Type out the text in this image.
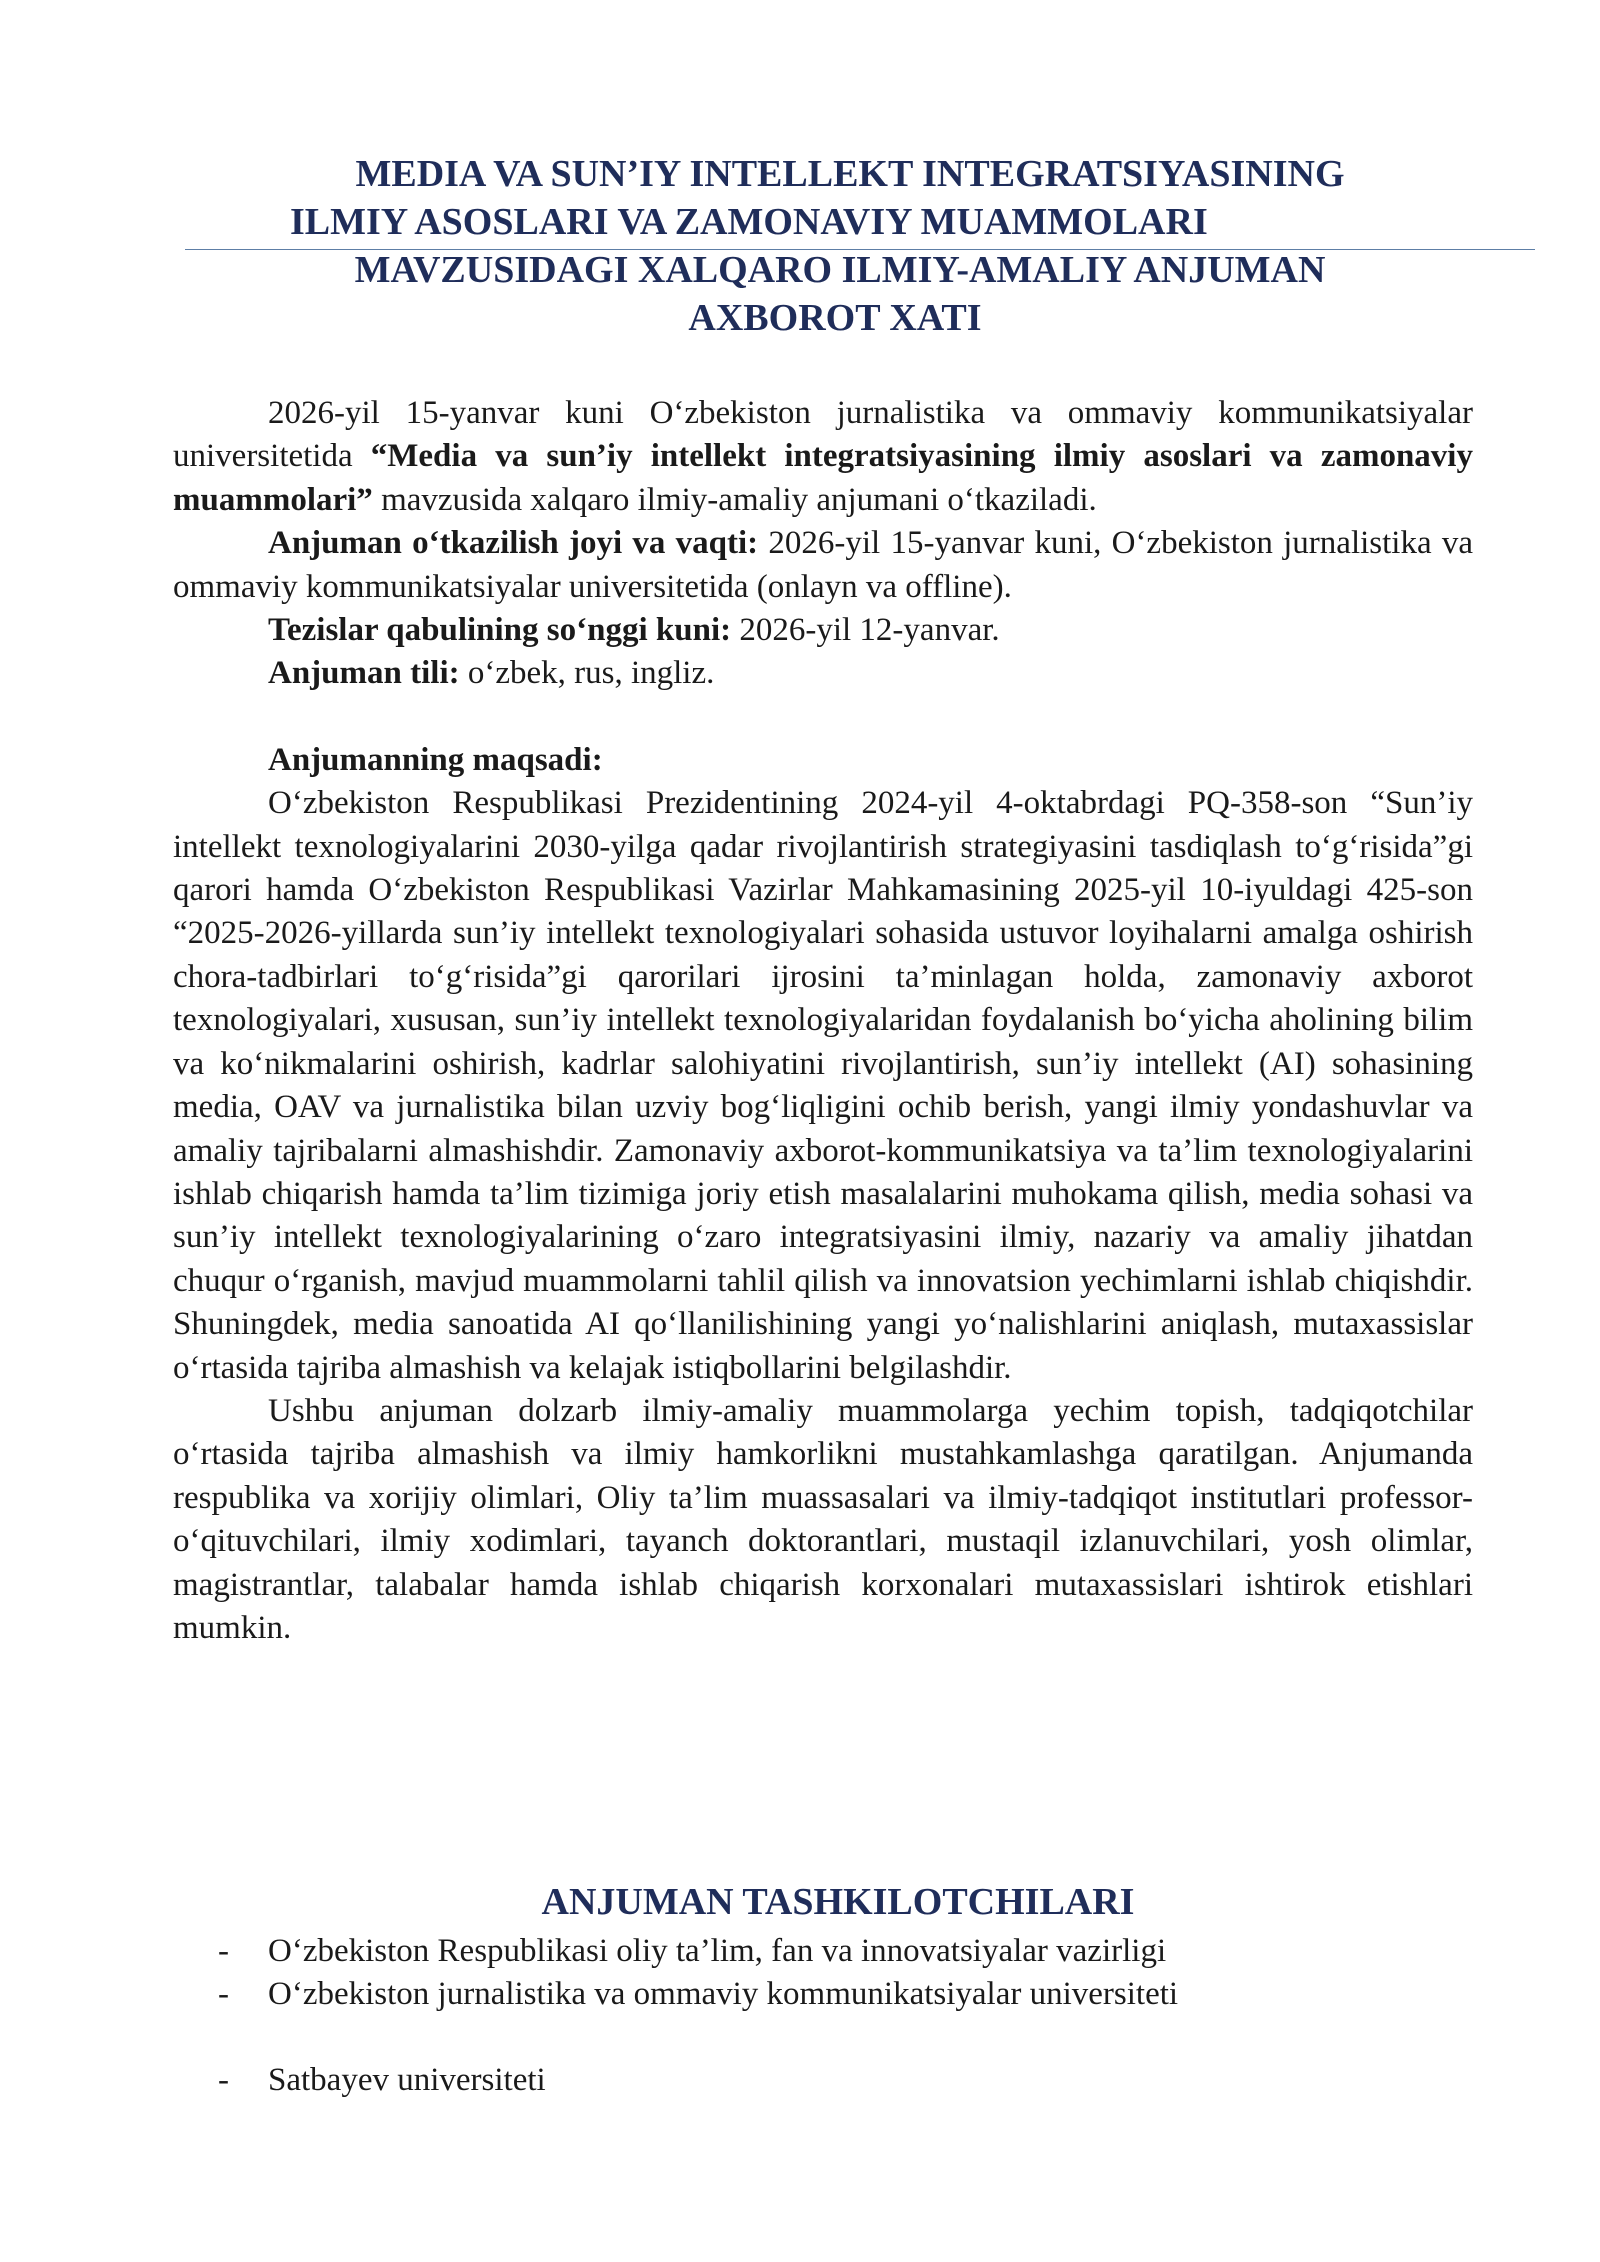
MEDIA VA SUN’IY INTELLEKT INTEGRATSIYASINING
ILMIY ASOSLARI VA ZAMONAVIY MUAMMOLARI
MAVZUSIDAGI XALQARO ILMIY-AMALIY ANJUMAN
AXBOROT XATI

2026-yil 15-yanvar kuni O‘zbekiston jurnalistika va ommaviy kommunikatsiyalar universitetida “Media va sun’iy intellekt integratsiyasining ilmiy asoslari va zamonaviy muammolari” mavzusida xalqaro ilmiy-amaliy anjumani o‘tkaziladi.

Anjuman o‘tkazilish joyi va vaqti: 2026-yil 15-yanvar kuni, O‘zbekiston jurnalistika va ommaviy kommunikatsiyalar universitetida (onlayn va offline).

Tezislar qabulining so‘nggi kuni: 2026-yil 12-yanvar.

Anjuman tili: o‘zbek, rus, ingliz.

Anjumanning maqsadi:

O‘zbekiston Respublikasi Prezidentining 2024-yil 4-oktabrdagi PQ-358-son “Sun’iy intellekt texnologiyalarini 2030-yilga qadar rivojlantirish strategiyasini tasdiqlash to‘g‘risida”gi qarori hamda O‘zbekiston Respublikasi Vazirlar Mahkamasining 2025-yil 10-iyuldagi 425-son “2025-2026-yillarda sun’iy intellekt texnologiyalari sohasida ustuvor loyihalarni amalga oshirish chora-tadbirlari to‘g‘risida”gi qarorilari ijrosini ta’minlagan holda, zamonaviy axborot texnologiyalari, xususan, sun’iy intellekt texnologiyalaridan foydalanish bo‘yicha aholining bilim va ko‘nikmalarini oshirish, kadrlar salohiyatini rivojlantirish, sun’iy intellekt (AI) sohasining media, OAV va jurnalistika bilan uzviy bog‘liqligini ochib berish, yangi ilmiy yondashuvlar va amaliy tajribalarni almashishdir. Zamonaviy axborot-kommunikatsiya va ta’lim texnologiyalarini ishlab chiqarish hamda ta’lim tizimiga joriy etish masalalarini muhokama qilish, media sohasi va sun’iy intellekt texnologiyalarining o‘zaro integratsiyasini ilmiy, nazariy va amaliy jihatdan chuqur o‘rganish, mavjud muammolarni tahlil qilish va innovatsion yechimlarni ishlab chiqishdir. Shuningdek, media sanoatida AI qo‘llanilishining yangi yo‘nalishlarini aniqlash, mutaxassislar o‘rtasida tajriba almashish va kelajak istiqbollarini belgilashdir.

Ushbu anjuman dolzarb ilmiy-amaliy muammolarga yechim topish, tadqiqotchilar o‘rtasida tajriba almashish va ilmiy hamkorlikni mustahkamlashga qaratilgan. Anjumanda respublika va xorijiy olimlari, Oliy ta’lim muassasalari va ilmiy-tadqiqot institutlari professor-o‘qituvchilari, ilmiy xodimlari, tayanch doktorantlari, mustaqil izlanuvchilari, yosh olimlar, magistrantlar, talabalar hamda ishlab chiqarish korxonalari mutaxassislari ishtirok etishlari mumkin.

ANJUMAN TASHKILOTCHILARI
- O‘zbekiston Respublikasi oliy ta’lim, fan va innovatsiyalar vazirligi
- O‘zbekiston jurnalistika va ommaviy kommunikatsiyalar universiteti
- Satbayev universiteti
